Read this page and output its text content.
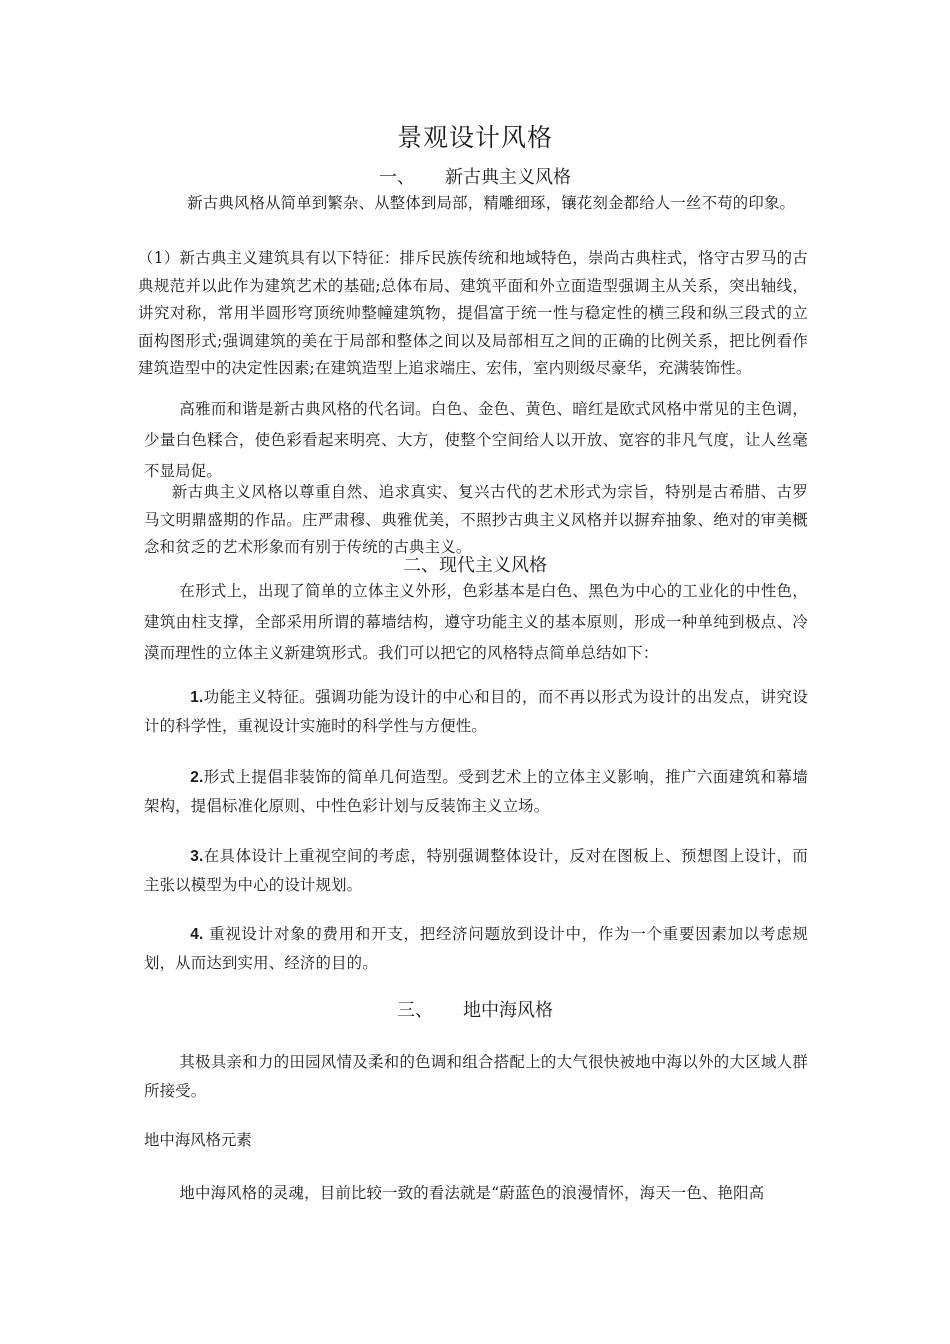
景观设计风格
一、 新古典主义风格

新古典风格从简单到繁杂、从整体到局部，精雕细琢，镶花刻金都给人一丝不苟的印象。

（1）新古典主义建筑具有以下特征：排斥民族传统和地域特色，崇尚古典柱式，恪守古罗马的古典规范并以此作为建筑艺术的基础;总体布局、建筑平面和外立面造型强调主从关系，突出轴线，讲究对称，常用半圆形穹顶统帅整幢建筑物，提倡富于统一性与稳定性的横三段和纵三段式的立面构图形式;强调建筑的美在于局部和整体之间以及局部相互之间的正确的比例关系，把比例看作建筑造型中的决定性因素;在建筑造型上追求端庄、宏伟，室内则级尽豪华，充满装饰性。

高雅而和谐是新古典风格的代名词。白色、金色、黄色、暗红是欧式风格中常见的主色调，少量白色糅合，使色彩看起来明亮、大方，使整个空间给人以开放、宽容的非凡气度，让人丝毫不显局促。

新古典主义风格以尊重自然、追求真实、复兴古代的艺术形式为宗旨，特别是古希腊、古罗马文明鼎盛期的作品。庄严肃穆、典雅优美，不照抄古典主义风格并以摒弃抽象、绝对的审美概念和贫乏的艺术形象而有别于传统的古典主义。

二、现代主义风格

在形式上，出现了简单的立体主义外形，色彩基本是白色、黑色为中心的工业化的中性色，建筑由柱支撑，全部采用所谓的幕墙结构，遵守功能主义的基本原则，形成一种单纯到极点、冷漠而理性的立体主义新建筑形式。我们可以把它的风格特点简单总结如下：

1.功能主义特征。强调功能为设计的中心和目的，而不再以形式为设计的出发点，讲究设计的科学性，重视设计实施时的科学性与方便性。

2.形式上提倡非装饰的简单几何造型。受到艺术上的立体主义影响，推广六面建筑和幕墙架构，提倡标准化原则、中性色彩计划与反装饰主义立场。

3.在具体设计上重视空间的考虑，特别强调整体设计，反对在图板上、预想图上设计，而主张以模型为中心的设计规划。

4. 重视设计对象的费用和开支，把经济问题放到设计中，作为一个重要因素加以考虑规划，从而达到实用、经济的目的。

三、 地中海风格

其极具亲和力的田园风情及柔和的色调和组合搭配上的大气很快被地中海以外的大区域人群所接受。

地中海风格元素

地中海风格的灵魂，目前比较一致的看法就是“蔚蓝色的浪漫情怀，海天一色、艳阳高
